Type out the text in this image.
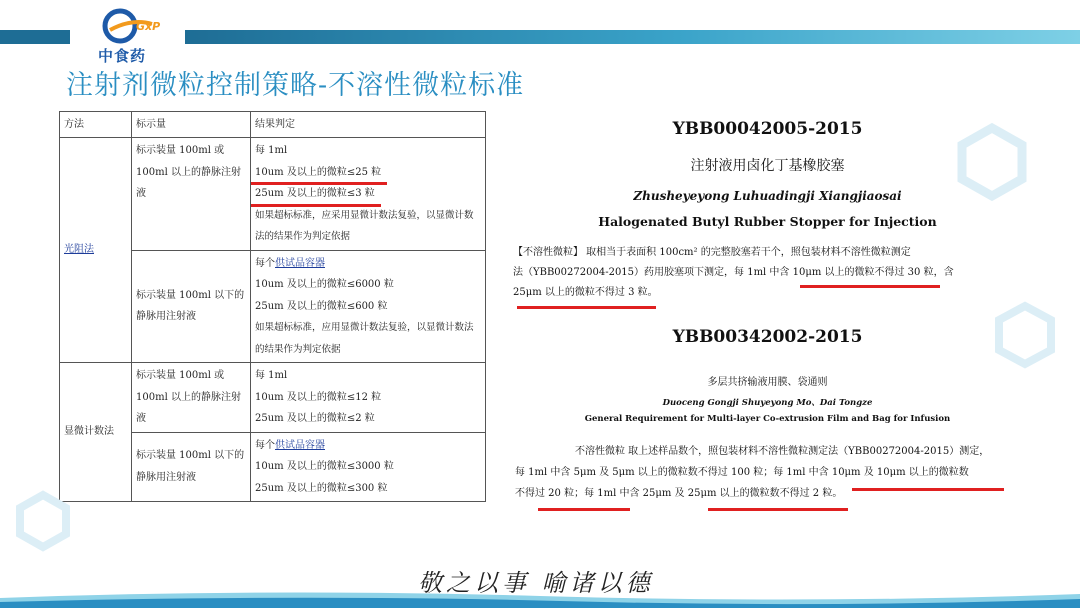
GxP
中食药
注射剂微粒控制策略-不溶性微粒标准
方法	标示量	结果判定
光阻法	标示装量 100ml 或 100ml 以上的静脉注射液	每 1ml
10um 及以上的微粒≤25 粒
25um 及以上的微粒≤3 粒
如果超标标准，应采用显微计数法复验，以显微计数法的结果作为判定依据

	标示装量 100ml 以下的静脉用注射液	每个供试品容器
10um 及以上的微粒≤6000 粒
25um 及以上的微粒≤600 粒
如果超标标准，应用显微计数法复验，以显微计数法的结果作为判定依据

显微计数法	标示装量 100ml 或 100ml 以上的静脉注射液	每 1ml
10um 及以上的微粒≤12 粒
25um 及以上的微粒≤2 粒

	标示装量 100ml 以下的静脉用注射液	每个供试品容器
10um 及以上的微粒≤3000 粒
25um 及以上的微粒≤300 粒
YBB00042005-2015
注射液用卤化丁基橡胶塞
Zhusheyeyong Luhuadingji Xiangjiaosai
Halogenated Butyl Rubber Stopper for Injection
【不溶性微粒】 取相当于表面积 100cm² 的完整胶塞若干个，照包装材料不溶性微粒测定
法（YBB00272004-2015）药用胶塞项下测定，每 1ml 中含 10μm 以上的微粒不得过 30 粒，含
25μm 以上的微粒不得过 3 粒。
YBB00342002-2015
多层共挤输液用膜、袋通则
Duoceng Gongji Shuyeyong Mo、Dai Tongze
General Requirement for Multi-layer Co-extrusion Film and Bag for Infusion
不溶性微粒 取上述样品数个，照包装材料不溶性微粒测定法（YBB00272004-2015）测定，
每 1ml 中含 5μm 及 5μm 以上的微粒数不得过 100 粒；每 1ml 中含 10μm 及 10μm 以上的微粒数
不得过 20 粒；每 1ml 中含 25μm 及 25μm 以上的微粒数不得过 2 粒。
敬之以事 喻诸以德
